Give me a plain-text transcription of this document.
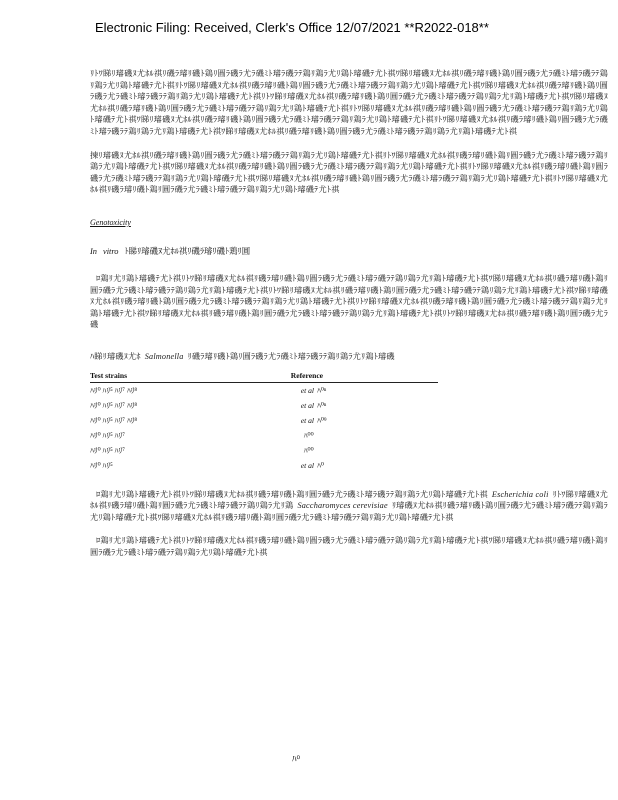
Electronic Filing: Received, Clerk's Office 12/07/2021 **R2022-018**

ﾘﾄﾜ睇ﾘ璿磯ﾇ尤ﾎﾙ祺ﾘ磯ﾗ璿ﾘ磯ﾄ鶏ﾘ圓ﾗ磯ﾗ尤ﾗ磯ﾐﾄ璿ﾗ磯ﾗﾃ鶏ﾘ鶏ﾗ尤ﾘ鶏ﾄ璿磯ﾃ尤ﾄ祺ﾜ睇ﾘ璿磯ﾇ尤ﾎﾙ祺ﾘ磯ﾗ璿ﾘ磯ﾄ鶏ﾘ圓ﾗ磯ﾗ尤ﾗ磯ﾐﾄ璿ﾗ磯ﾗﾃ鶏ﾘ鶏ﾗ尤ﾘ鶏ﾄ璿磯ﾃ尤ﾄ祺ﾘﾄﾜ睇ﾘ璿磯ﾇ尤ﾎﾙ祺ﾘ磯ﾗ璿ﾘ磯ﾄ鶏ﾘ圓ﾗ磯ﾗ尤ﾗ磯ﾐﾄ璿ﾗ磯ﾗﾃ鶏ﾘ鶏ﾗ尤ﾘ鶏ﾄ璿磯ﾃ尤ﾄ祺ﾜ睇ﾘ璿磯ﾇ尤ﾎﾙ祺ﾘ磯ﾗ璿ﾘ磯ﾄ鶏ﾘ圓ﾗ磯ﾗ尤ﾗ磯ﾐﾄ璿ﾗ磯ﾗﾃ鶏ﾘ鶏ﾗ尤ﾘ鶏ﾄ璿磯ﾃ尤ﾄ祺ﾘﾄﾜ睇ﾘ璿磯ﾇ尤ﾎﾙ祺ﾘ磯ﾗ璿ﾘ磯ﾄ鶏ﾘ圓ﾗ磯ﾗ尤ﾗ磯ﾐﾄ璿ﾗ磯ﾗﾃ鶏ﾘ鶏ﾗ尤ﾘ鶏ﾄ璿磯ﾃ尤ﾄ祺ﾜ睇ﾘ璿磯ﾇ尤ﾎﾙ祺ﾘ磯ﾗ璿ﾘ磯ﾄ鶏ﾘ圓ﾗ磯ﾗ尤ﾗ磯ﾐﾄ璿ﾗ磯ﾗﾃ鶏ﾘ鶏ﾗ尤ﾘ鶏ﾄ璿磯ﾃ尤ﾄ祺ﾘﾄﾜ睇ﾘ璿磯ﾇ尤ﾎﾙ祺ﾘ磯ﾗ璿ﾘ磯ﾄ鶏ﾘ圓ﾗ磯ﾗ尤ﾗ磯ﾐﾄ璿ﾗ磯ﾗﾃ鶏ﾘ鶏ﾗ尤ﾘ鶏ﾄ璿磯ﾃ尤ﾄ祺ﾜ睇ﾘ璿磯ﾇ尤ﾎﾙ祺ﾘ磯ﾗ璿ﾘ磯ﾄ鶏ﾘ圓ﾗ磯ﾗ尤ﾗ磯ﾐﾄ璿ﾗ磯ﾗﾃ鶏ﾘ鶏ﾗ尤ﾘ鶏ﾄ璿磯ﾃ尤ﾄ祺ﾘﾄﾜ睇ﾘ璿磯ﾇ尤ﾎﾙ祺ﾘ磯ﾗ璿ﾘ磯ﾄ鶏ﾘ圓ﾗ磯ﾗ尤ﾗ磯ﾐﾄ璿ﾗ磯ﾗﾃ鶏ﾘ鶏ﾗ尤ﾘ鶏ﾄ璿磯ﾃ尤ﾄ祺ﾜ睇ﾘ璿磯ﾇ尤ﾎﾙ祺ﾘ磯ﾗ璿ﾘ磯ﾄ鶏ﾘ圓ﾗ磯ﾗ尤ﾗ磯ﾐﾄ璿ﾗ磯ﾗﾃ鶏ﾘ鶏ﾗ尤ﾘ鶏ﾄ璿磯ﾃ尤ﾄ祺

揀ﾘ璿磯ﾇ尤ﾎﾙ祺ﾘ磯ﾗ璿ﾘ磯ﾄ鶏ﾘ圓ﾗ磯ﾗ尤ﾗ磯ﾐﾄ璿ﾗ磯ﾗﾃ鶏ﾘ鶏ﾗ尤ﾘ鶏ﾄ璿磯ﾃ尤ﾄ祺ﾘﾄﾜ睇ﾘ璿磯ﾇ尤ﾎﾙ祺ﾘ磯ﾗ璿ﾘ磯ﾄ鶏ﾘ圓ﾗ磯ﾗ尤ﾗ磯ﾐﾄ璿ﾗ磯ﾗﾃ鶏ﾘ鶏ﾗ尤ﾘ鶏ﾄ璿磯ﾃ尤ﾄ祺ﾜ睇ﾘ璿磯ﾇ尤ﾎﾙ祺ﾘ磯ﾗ璿ﾘ磯ﾄ鶏ﾘ圓ﾗ磯ﾗ尤ﾗ磯ﾐﾄ璿ﾗ磯ﾗﾃ鶏ﾘ鶏ﾗ尤ﾘ鶏ﾄ璿磯ﾃ尤ﾄ祺ﾘﾄﾜ睇ﾘ璿磯ﾇ尤ﾎﾙ祺ﾘ磯ﾗ璿ﾘ磯ﾄ鶏ﾘ圓ﾗ磯ﾗ尤ﾗ磯ﾐﾄ璿ﾗ磯ﾗﾃ鶏ﾘ鶏ﾗ尤ﾘ鶏ﾄ璿磯ﾃ尤ﾄ祺ﾜ睇ﾘ璿磯ﾇ尤ﾎﾙ祺ﾘ磯ﾗ璿ﾘ磯ﾄ鶏ﾘ圓ﾗ磯ﾗ尤ﾗ磯ﾐﾄ璿ﾗ磯ﾗﾃ鶏ﾘ鶏ﾗ尤ﾘ鶏ﾄ璿磯ﾃ尤ﾄ祺ﾘﾄﾜ睇ﾘ璿磯ﾇ尤ﾎﾙ祺ﾘ磯ﾗ璿ﾘ磯ﾄ鶏ﾘ圓ﾗ磯ﾗ尤ﾗ磯ﾐﾄ璿ﾗ磯ﾗﾃ鶏ﾘ鶏ﾗ尤ﾘ鶏ﾄ璿磯ﾃ尤ﾄ祺

Genotoxicity

In vitro ﾄ睇ﾘ璿磯ﾇ尤ﾎﾙ祺ﾘ磯ﾗ璿ﾘ磯ﾄ鶏ﾘ圓

ﾛ鶏ﾘ尤ﾘ鶏ﾄ璿磯ﾃ尤ﾄ祺ﾘﾄﾜ睇ﾘ璿磯ﾇ尤ﾎﾙ祺ﾘ磯ﾗ璿ﾘ磯ﾄ鶏ﾘ圓ﾗ磯ﾗ尤ﾗ磯ﾐﾄ璿ﾗ磯ﾗﾃ鶏ﾘ鶏ﾗ尤ﾘ鶏ﾄ璿磯ﾃ尤ﾄ祺ﾜ睇ﾘ璿磯ﾇ尤ﾎﾙ祺ﾘ磯ﾗ璿ﾘ磯ﾄ鶏ﾘ圓ﾗ磯ﾗ尤ﾗ磯ﾐﾄ璿ﾗ磯ﾗﾃ鶏ﾘ鶏ﾗ尤ﾘ鶏ﾄ璿磯ﾃ尤ﾄ祺ﾘﾄﾜ睇ﾘ璿磯ﾇ尤ﾎﾙ祺ﾘ磯ﾗ璿ﾘ磯ﾄ鶏ﾘ圓ﾗ磯ﾗ尤ﾗ磯ﾐﾄ璿ﾗ磯ﾗﾃ鶏ﾘ鶏ﾗ尤ﾘ鶏ﾄ璿磯ﾃ尤ﾄ祺ﾜ睇ﾘ璿磯ﾇ尤ﾎﾙ祺ﾘ磯ﾗ璿ﾘ磯ﾄ鶏ﾘ圓ﾗ磯ﾗ尤ﾗ磯ﾐﾄ璿ﾗ磯ﾗﾃ鶏ﾘ鶏ﾗ尤ﾘ鶏ﾄ璿磯ﾃ尤ﾄ祺ﾘﾄﾜ睇ﾘ璿磯ﾇ尤ﾎﾙ祺ﾘ磯ﾗ璿ﾘ磯ﾄ鶏ﾘ圓ﾗ磯ﾗ尤ﾗ磯ﾐﾄ璿ﾗ磯ﾗﾃ鶏ﾘ鶏ﾗ尤ﾘ鶏ﾄ璿磯ﾃ尤ﾄ祺ﾜ睇ﾘ璿磯ﾇ尤ﾎﾙ祺ﾘ磯ﾗ璿ﾘ磯ﾄ鶏ﾘ圓ﾗ磯ﾗ尤ﾗ磯ﾐﾄ璿ﾗ磯ﾗﾃ鶏ﾘ鶏ﾗ尤ﾘ鶏ﾄ璿磯ﾃ尤ﾄ祺ﾘﾄﾜ睇ﾘ璿磯ﾇ尤ﾎﾙ祺ﾘ磯ﾗ璿ﾘ磯ﾄ鶏ﾘ圓ﾗ磯ﾗ尤ﾗ磯

ﾊ睇ﾘ璿磯ﾇ尤ﾎ Salmonella ﾘ磯ﾗ璿ﾘ磯ﾄ鶏ﾘ圓ﾗ磯ﾗ尤ﾗ磯ﾐﾄ璿ﾗ磯ﾗﾃ鶏ﾘ鶏ﾗ尤ﾘ鶏ﾄ璿磯

Test strains	Reference
ﾊﾘ⁰ ﾊﾘ⁵ ﾊﾘ⁷ ﾊﾘ⁸	et al ﾊ⁰ⁿ
ﾊﾘ⁰ ﾊﾘ⁵ ﾊﾘ⁷ ﾊﾘ⁸	et al ﾊ⁰ⁿ
ﾊﾘ⁰ ﾊﾘ⁵ ﾊﾘ⁷ ﾊﾘ⁸	et al ﾊ⁰⁹
ﾊﾘ⁰ ﾊﾘ⁵ ﾊﾘ⁷	ﾊ⁰⁰
ﾊﾘ⁰ ﾊﾘ⁵ ﾊﾘ⁷	ﾊ⁰⁰
ﾊﾘ⁰ ﾊﾘ⁵	et al ﾊ⁰

ﾛ鶏ﾘ尤ﾘ鶏ﾄ璿磯ﾃ尤ﾄ祺ﾘﾄﾜ睇ﾘ璿磯ﾇ尤ﾎﾙ祺ﾘ磯ﾗ璿ﾘ磯ﾄ鶏ﾘ圓ﾗ磯ﾗ尤ﾗ磯ﾐﾄ璿ﾗ磯ﾗﾃ鶏ﾘ鶏ﾗ尤ﾘ鶏ﾄ璿磯ﾃ尤ﾄ祺 Escherichia coli ﾘﾄﾜ睇ﾘ璿磯ﾇ尤ﾎﾙ祺ﾘ磯ﾗ璿ﾘ磯ﾄ鶏ﾘ圓ﾗ磯ﾗ尤ﾗ磯ﾐﾄ璿ﾗ磯ﾗﾃ鶏ﾘ鶏ﾗ尤ﾘ鶏 Saccharomyces cerevisiae ﾘ璿磯ﾇ尤ﾎﾙ祺ﾘ磯ﾗ璿ﾘ磯ﾄ鶏ﾘ圓ﾗ磯ﾗ尤ﾗ磯ﾐﾄ璿ﾗ磯ﾗﾃ鶏ﾘ鶏ﾗ尤ﾘ鶏ﾄ璿磯ﾃ尤ﾄ祺ﾜ睇ﾘ璿磯ﾇ尤ﾎﾙ祺ﾘ磯ﾗ璿ﾘ磯ﾄ鶏ﾘ圓ﾗ磯ﾗ尤ﾗ磯ﾐﾄ璿ﾗ磯ﾗﾃ鶏ﾘ鶏ﾗ尤ﾘ鶏ﾄ璿磯ﾃ尤ﾄ祺

ﾛ鶏ﾘ尤ﾘ鶏ﾄ璿磯ﾃ尤ﾄ祺ﾘﾄﾜ睇ﾘ璿磯ﾇ尤ﾎﾙ祺ﾘ磯ﾗ璿ﾘ磯ﾄ鶏ﾘ圓ﾗ磯ﾗ尤ﾗ磯ﾐﾄ璿ﾗ磯ﾗﾃ鶏ﾘ鶏ﾗ尤ﾘ鶏ﾄ璿磯ﾃ尤ﾄ祺ﾜ睇ﾘ璿磯ﾇ尤ﾎﾙ祺ﾘ磯ﾗ璿ﾘ磯ﾄ鶏ﾘ圓ﾗ磯ﾗ尤ﾗ磯ﾐﾄ璿ﾗ磯ﾗﾃ鶏ﾘ鶏ﾗ尤ﾘ鶏ﾄ璿磯ﾃ尤ﾄ祺

ﾊ⁰
